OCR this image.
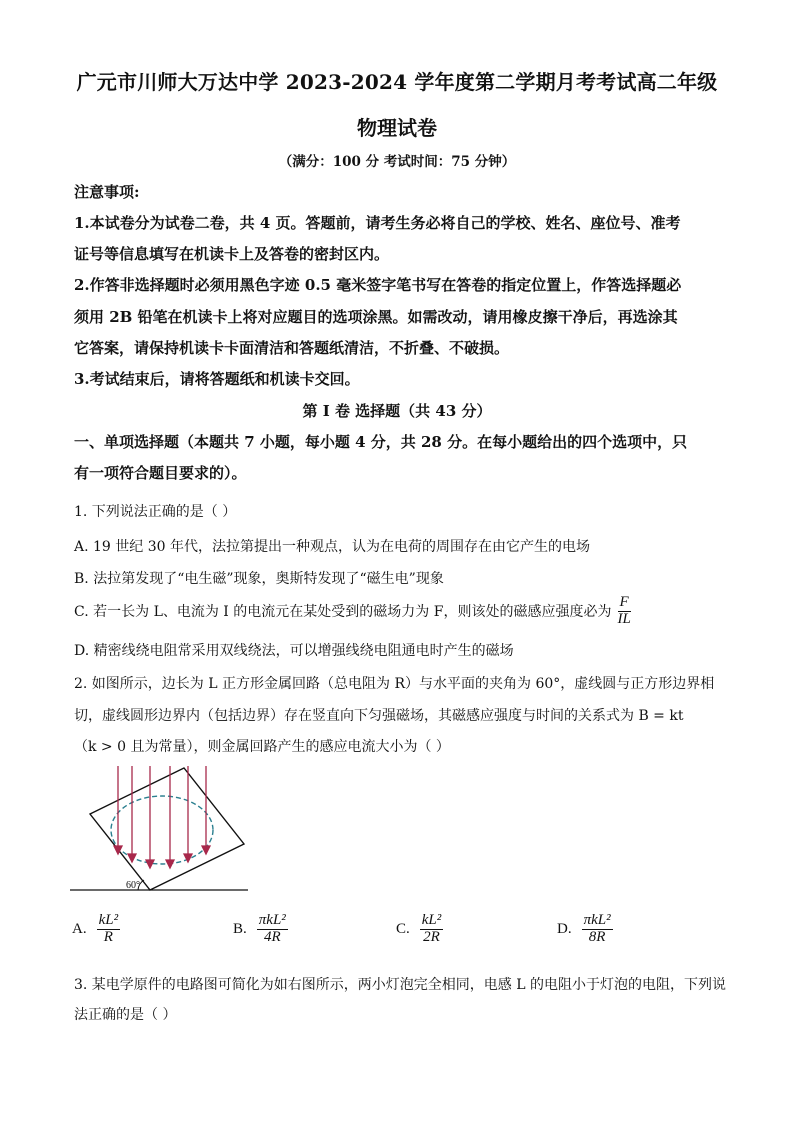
广元市川师大万达中学 2023-2024 学年度第二学期月考考试高二年级
物理试卷
（满分：100 分 考试时间：75 分钟）
注意事项:
1.本试卷分为试卷二卷，共 4 页。答题前，请考生务必将自己的学校、姓名、座位号、准考
证号等信息填写在机读卡上及答卷的密封区内。
2.作答非选择题时必须用黑色字迹 0.5 毫米签字笔书写在答卷的指定位置上，作答选择题必
须用 2B 铅笔在机读卡上将对应题目的选项涂黑。如需改动，请用橡皮擦干净后，再选涂其
它答案，请保持机读卡卡面清洁和答题纸清洁，不折叠、不破损。
3.考试结束后，请将答题纸和机读卡交回。
第 I 卷 选择题（共 43 分）
一、单项选择题（本题共 7 小题，每小题 4 分，共 28 分。在每小题给出的四个选项中，只
有一项符合题目要求的）。
1. 下列说法正确的是（ ）
A. 19 世纪 30 年代，法拉第提出一种观点，认为在电荷的周围存在由它产生的电场
B. 法拉第发现了“电生磁”现象，奥斯特发现了“磁生电”现象
C. 若一长为 L、电流为 I 的电流元在某处受到的磁场力为 F，则该处的磁感应强度必为 $\frac{F}{IL}$
D. 精密线绕电阻常采用双线绕法，可以增强线绕电阻通电时产生的磁场
2. 如图所示，边长为 L 正方形金属回路（总电阻为 R）与水平面的夹角为 60°，虚线圆与正方形边界相
切，虚线圆形边界内（包括边界）存在竖直向下匀强磁场，其磁感应强度与时间的关系式为 B = kt
（k > 0 且为常量），则金属回路产生的感应电流大小为（ ）
60°
A. $\frac{\text{kL²}}{R}$	B. $\frac{\text{πkL²}}{4R}$	C. $\frac{\text{kL²}}{2R}$	D. $\frac{\text{πkL²}}{8R}$
3. 某电学原件的电路图可简化为如右图所示，两小灯泡完全相同，电感 L 的电阻小于灯泡的电阻，下列说
法正确的是（ ）
